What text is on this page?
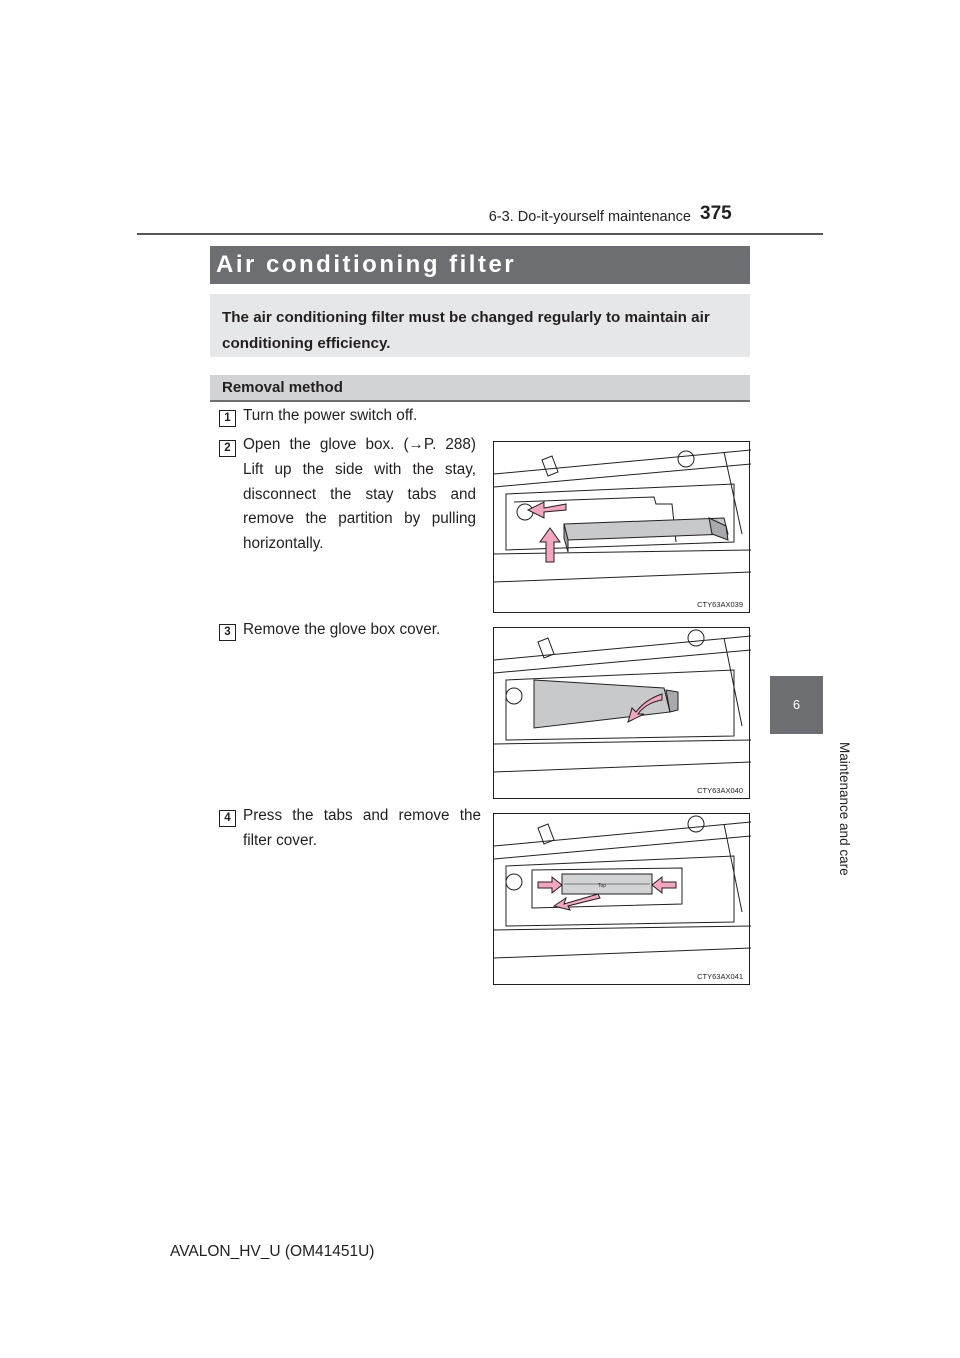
6-3. Do-it-yourself maintenance 375
6
Maintenance and care
Air conditioning filter
The air conditioning filter must be changed regularly to maintain air conditioning efficiency.
Removal method
1 Turn the power switch off.
2 Open the glove box. (→P. 288) Lift up the side with the stay, disconnect the stay tabs and remove the partition by pulling horizontally.
CTY63AX039
3 Remove the glove box cover.
CTY63AX040
4 Press the tabs and remove the filter cover.
Top
CTY63AX041
AVALON_HV_U (OM41451U)
